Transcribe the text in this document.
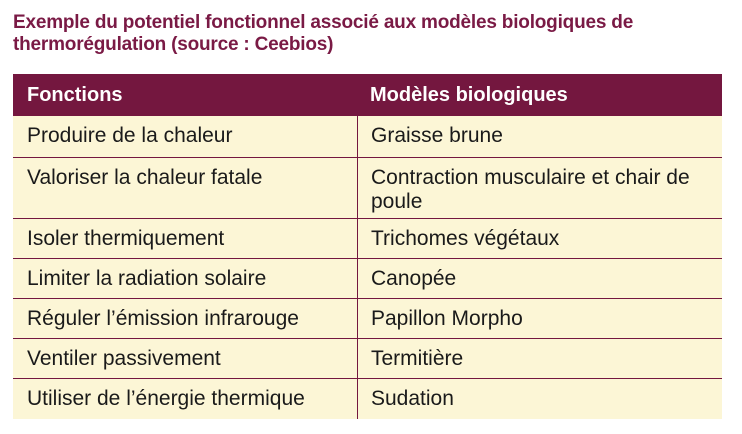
Exemple du potentiel fonctionnel associé aux modèles biologiques de thermorégulation (source : Ceebios)
Fonctions	Modèles biologiques
Produire de la chaleur	Graisse brune
Valoriser la chaleur fatale	Contraction musculaire et chair de poule
Isoler thermiquement	Trichomes végétaux
Limiter la radiation solaire	Canopée
Réguler l’émission infrarouge	Papillon Morpho
Ventiler passivement	Termitière
Utiliser de l’énergie thermique	Sudation
